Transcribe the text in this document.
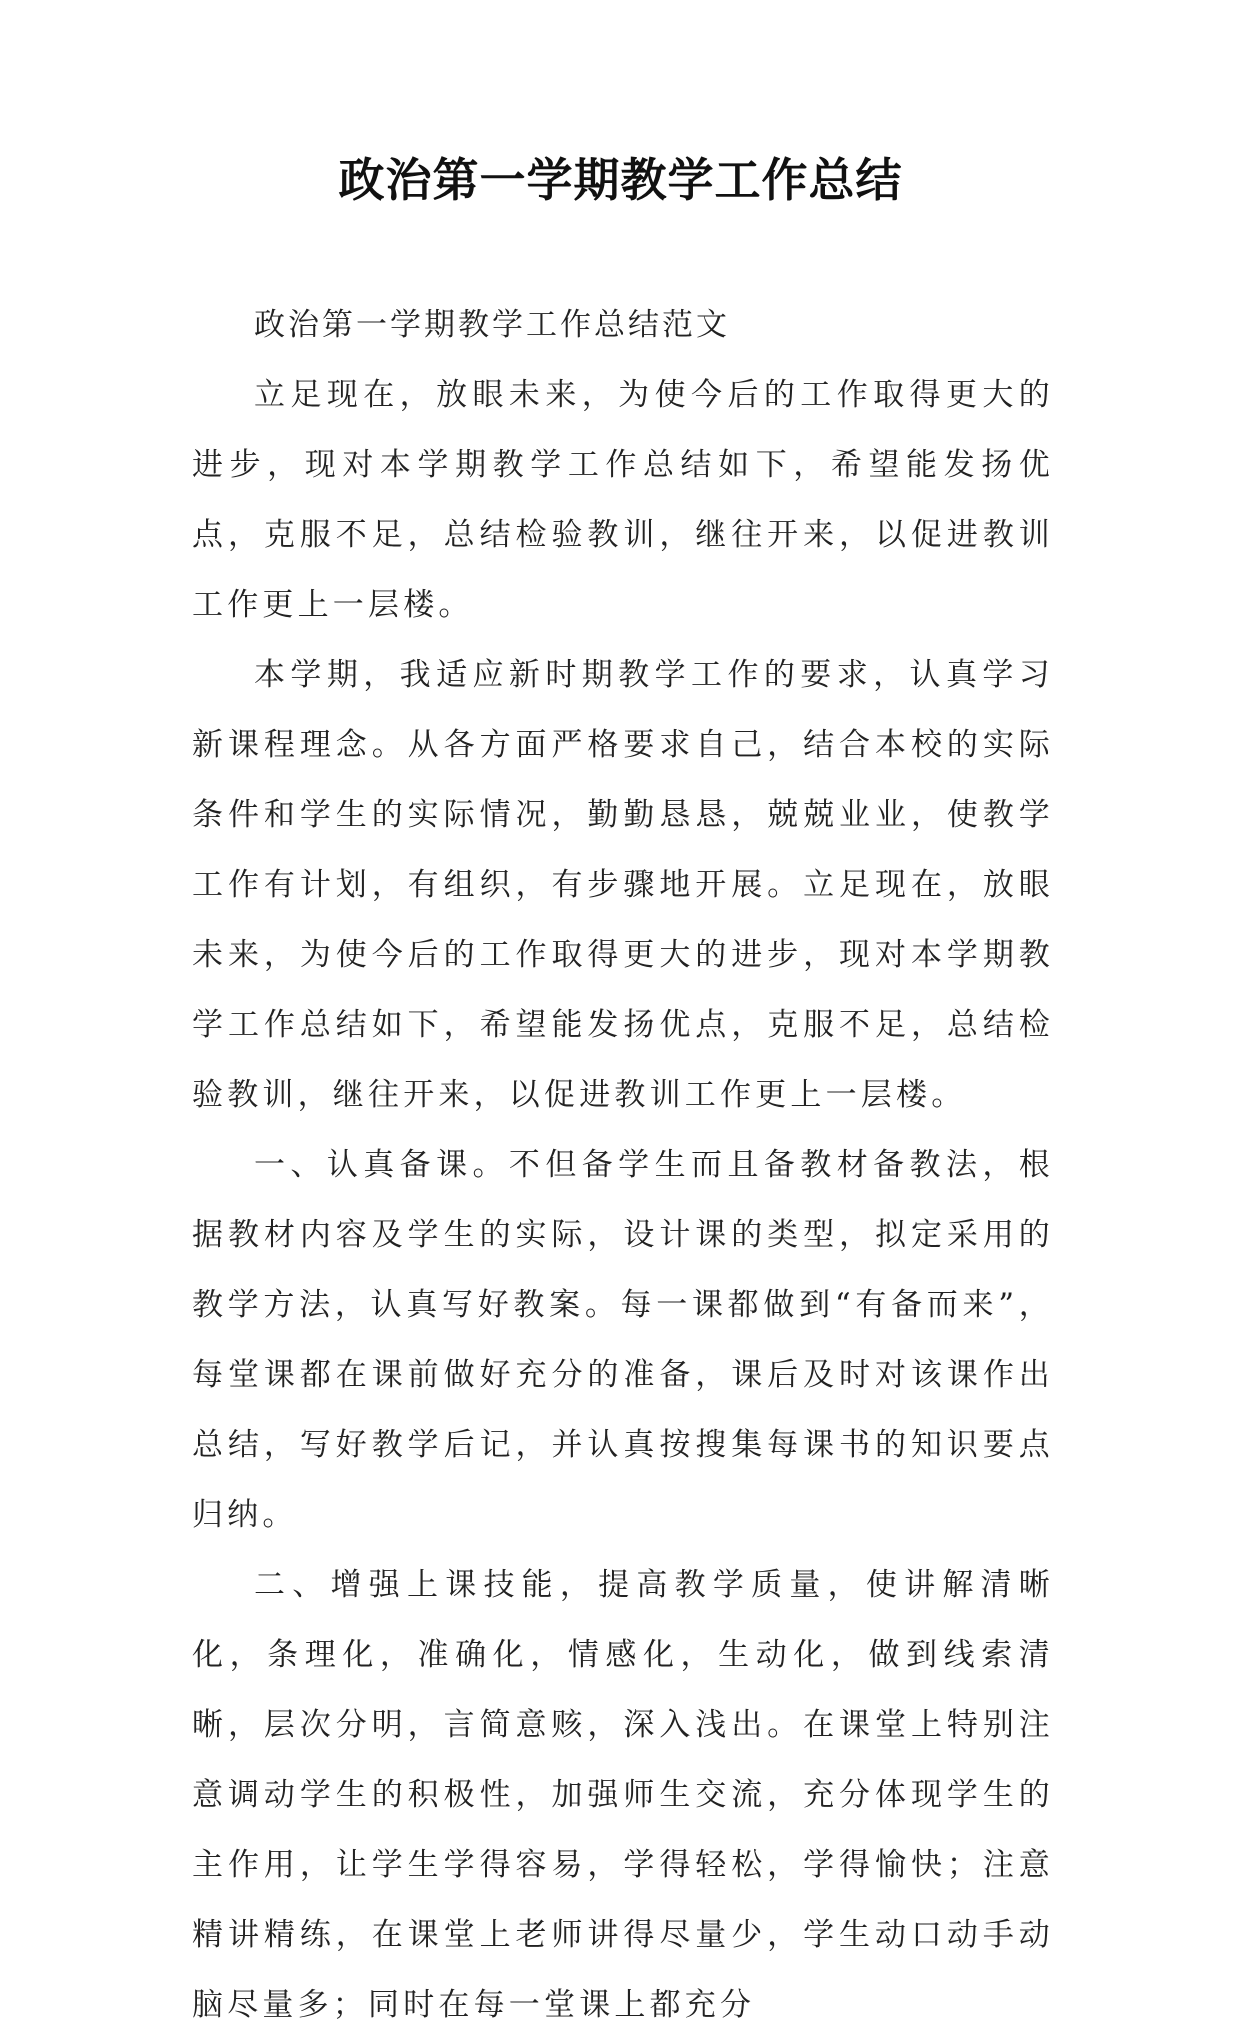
政治第一学期教学工作总结

政治第一学期教学工作总结范文

立足现在，放眼未来，为使今后的工作取得更大的进步，现对本学期教学工作总结如下，希望能发扬优点，克服不足，总结检验教训，继往开来，以促进教训工作更上一层楼。

本学期，我适应新时期教学工作的要求，认真学习新课程理念。从各方面严格要求自己，结合本校的实际条件和学生的实际情况，勤勤恳恳，兢兢业业，使教学工作有计划，有组织，有步骤地开展。立足现在，放眼未来，为使今后的工作取得更大的进步，现对本学期教学工作总结如下，希望能发扬优点，克服不足，总结检验教训，继往开来，以促进教训工作更上一层楼。

一、认真备课。不但备学生而且备教材备教法，根据教材内容及学生的实际，设计课的类型，拟定采用的教学方法，认真写好教案。每一课都做到“有备而来”，每堂课都在课前做好充分的准备，课后及时对该课作出总结，写好教学后记，并认真按搜集每课书的知识要点归纳。

二、增强上课技能，提高教学质量，使讲解清晰化，条理化，准确化，情感化，生动化，做到线索清晰，层次分明，言简意赅，深入浅出。在课堂上特别注意调动学生的积极性，加强师生交流，充分体现学生的主作用，让学生学得容易，学得轻松，学得愉快；注意精讲精练，在课堂上老师讲得尽量少，学生动口动手动脑尽量多；同时在每一堂课上都充分
